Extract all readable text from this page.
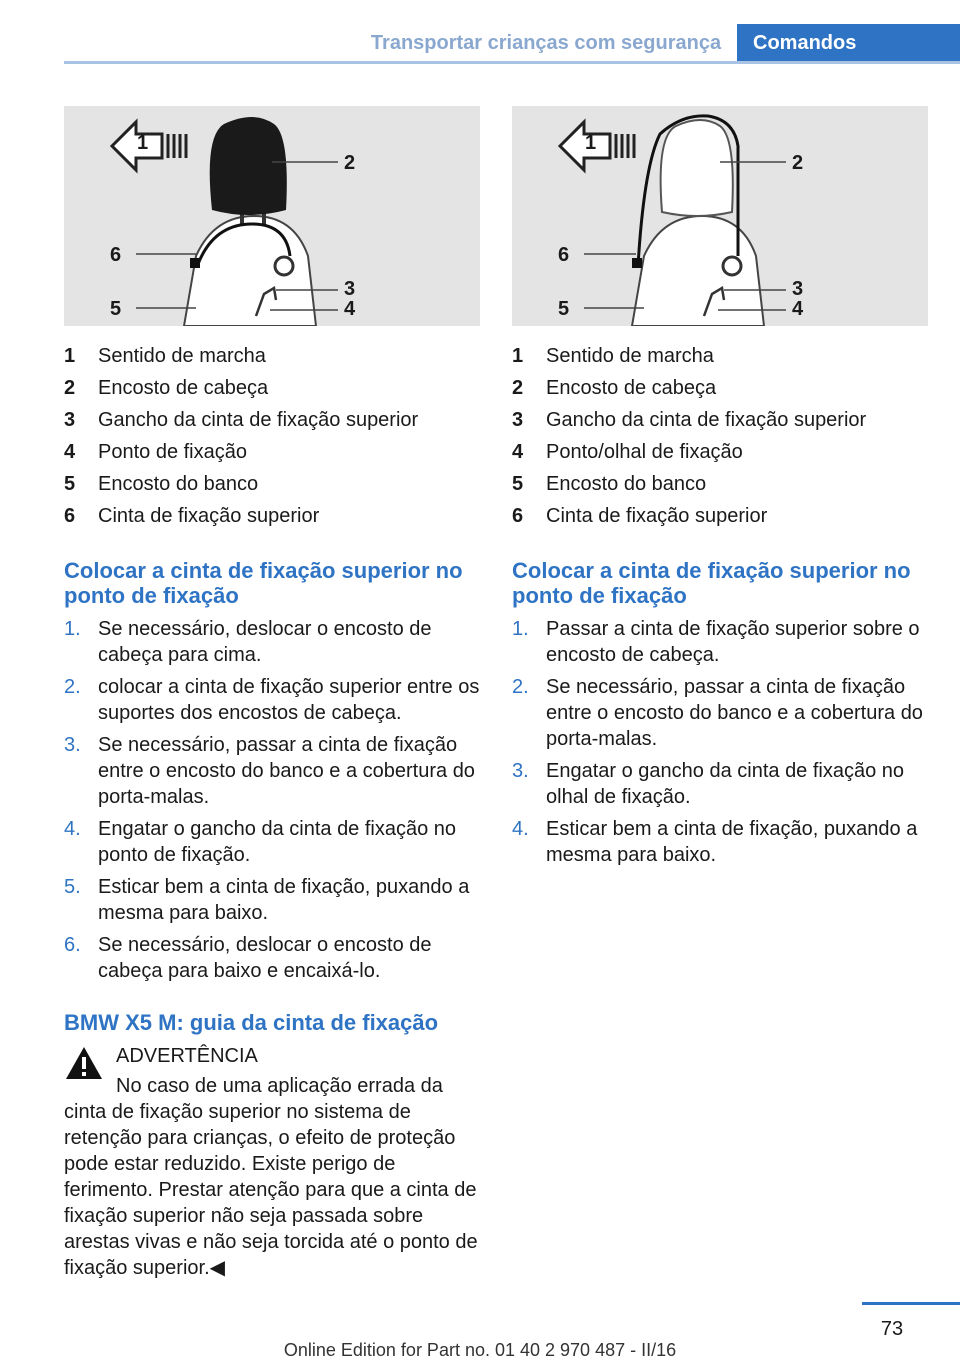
Transportar crianças com segurança	Comandos
1
2
6
3
5	4
1	Sentido de marcha
2	Encosto de cabeça
3	Gancho da cinta de fixação superior
4	Ponto de fixação
5	Encosto do banco
6	Cinta de fixação superior
Colocar a cinta de fixação superior no ponto de fixação
1. Se necessário, deslocar o encosto de cabeça para cima.
2. colocar a cinta de fixação superior entre os suportes dos encostos de cabeça.
3. Se necessário, passar a cinta de fixação entre o encosto do banco e a cobertura do porta-malas.
4. Engatar o gancho da cinta de fixação no ponto de fixação.
5. Esticar bem a cinta de fixação, puxando a mesma para baixo.
6. Se necessário, deslocar o encosto de cabeça para baixo e encaixá-lo.
BMW X5 M: guia da cinta de fixação
ADVERTÊNCIA
No caso de uma aplicação errada da
cinta de fixação superior no sistema de retenção para crianças, o efeito de proteção pode estar reduzido. Existe perigo de ferimento. Prestar atenção para que a cinta de fixação superior não seja passada sobre arestas vivas e não seja torcida até o ponto de fixação superior.◀
1
2
6
3
5	4
1	Sentido de marcha
2	Encosto de cabeça
3	Gancho da cinta de fixação superior
4	Ponto/olhal de fixação
5	Encosto do banco
6	Cinta de fixação superior
Colocar a cinta de fixação superior no ponto de fixação
1. Passar a cinta de fixação superior sobre o encosto de cabeça.
2. Se necessário, passar a cinta de fixação entre o encosto do banco e a cobertura do porta-malas.
3. Engatar o gancho da cinta de fixação no olhal de fixação.
4. Esticar bem a cinta de fixação, puxando a mesma para baixo.
73
Online Edition for Part no. 01 40 2 970 487 - II/16
